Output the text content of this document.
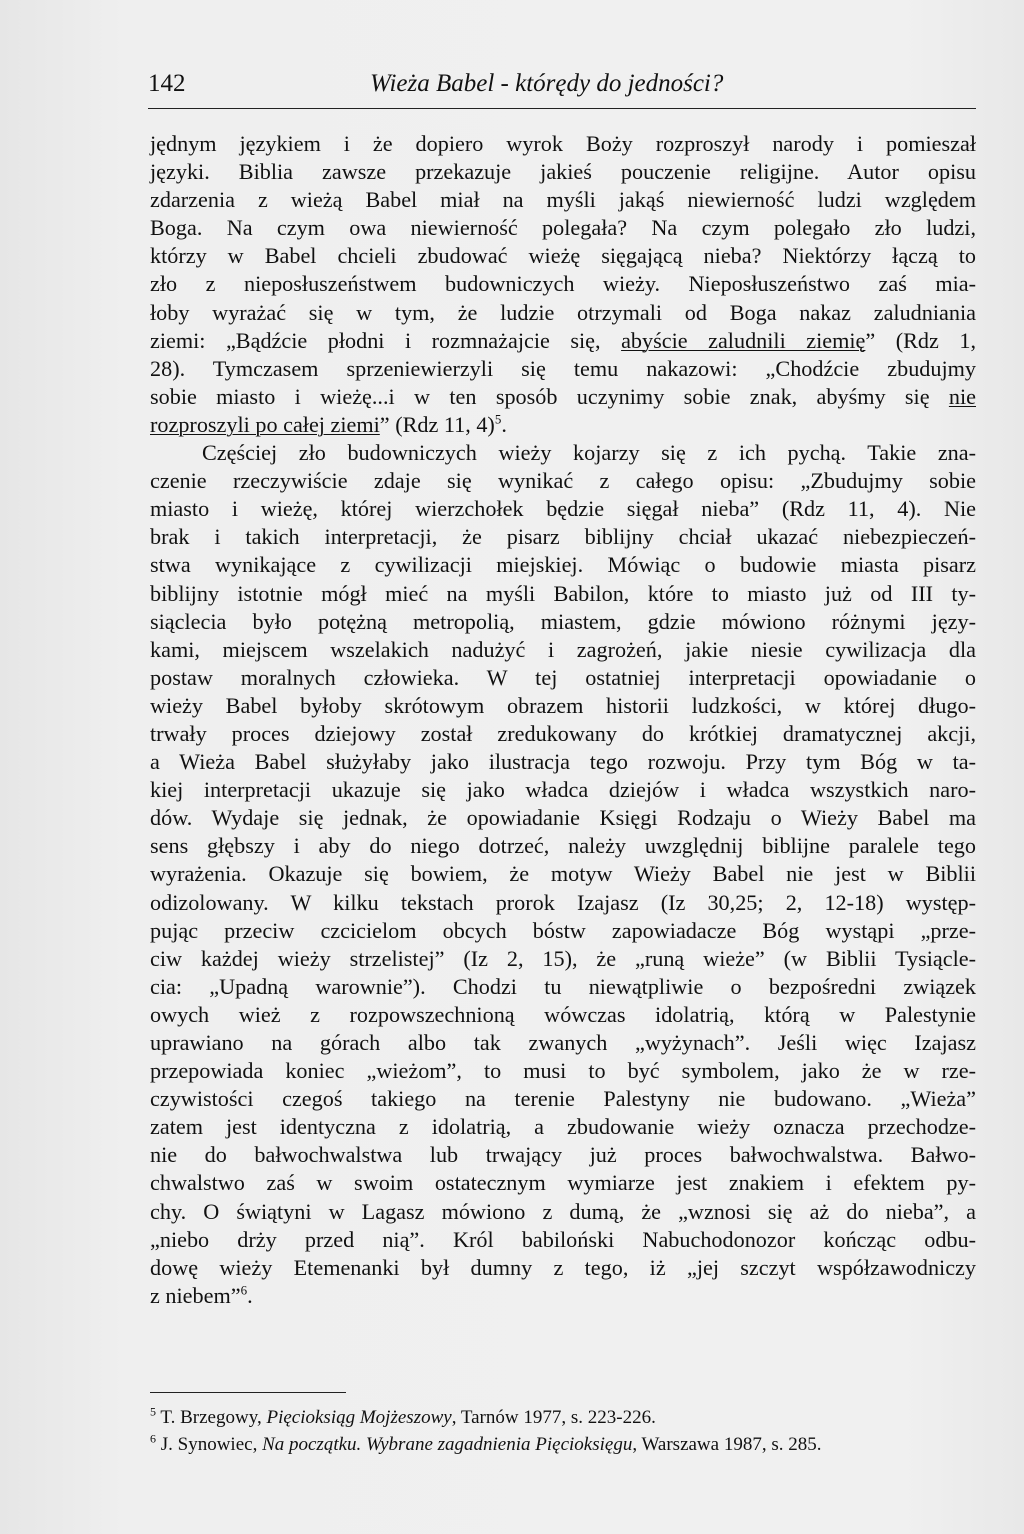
142	Wieża Babel - którędy do jedności?
jędnym językiem i że dopiero wyrok Boży rozproszył narody i pomieszał
języki. Biblia zawsze przekazuje jakieś pouczenie religijne. Autor opisu
zdarzenia z wieżą Babel miał na myśli jakąś niewierność ludzi względem
Boga. Na czym owa niewierność polegała? Na czym polegało zło ludzi,
którzy w Babel chcieli zbudować wieżę sięgającą nieba? Niektórzy łączą to
zło z nieposłuszeństwem budowniczych wieży. Nieposłuszeństwo zaś mia-
łoby wyrażać się w tym, że ludzie otrzymali od Boga nakaz zaludniania
ziemi: „Bądźcie płodni i rozmnażajcie się, abyście zaludnili ziemię” (Rdz 1,
28). Tymczasem sprzeniewierzyli się temu nakazowi: „Chodźcie zbudujmy
sobie miasto i wieżę...i w ten sposób uczynimy sobie znak, abyśmy się nie
rozproszyli po całej ziemi” (Rdz 11, 4)$^5$.
Częściej zło budowniczych wieży kojarzy się z ich pychą. Takie zna-
czenie rzeczywiście zdaje się wynikać z całego opisu: „Zbudujmy sobie
miasto i wieżę, której wierzchołek będzie sięgał nieba” (Rdz 11, 4). Nie
brak i takich interpretacji, że pisarz biblijny chciał ukazać niebezpieczeń-
stwa wynikające z cywilizacji miejskiej. Mówiąc o budowie miasta pisarz
biblijny istotnie mógł mieć na myśli Babilon, które to miasto już od III ty-
siąclecia było potężną metropolią, miastem, gdzie mówiono różnymi języ-
kami, miejscem wszelakich nadużyć i zagrożeń, jakie niesie cywilizacja dla
postaw moralnych człowieka. W tej ostatniej interpretacji opowiadanie o
wieży Babel byłoby skrótowym obrazem historii ludzkości, w której długo-
trwały proces dziejowy został zredukowany do krótkiej dramatycznej akcji,
a Wieża Babel służyłaby jako ilustracja tego rozwoju. Przy tym Bóg w ta-
kiej interpretacji ukazuje się jako władca dziejów i władca wszystkich naro-
dów. Wydaje się jednak, że opowiadanie Księgi Rodzaju o Wieży Babel ma
sens głębszy i aby do niego dotrzeć, należy uwzględnij biblijne paralele tego
wyrażenia. Okazuje się bowiem, że motyw Wieży Babel nie jest w Biblii
odizolowany. W kilku tekstach prorok Izajasz (Iz 30,25; 2, 12-18) występ-
pując przeciw czcicielom obcych bóstw zapowiadacze Bóg wystąpi „prze-
ciw każdej wieży strzelistej” (Iz 2, 15), że „runą wieże” (w Biblii Tysiącle-
cia: „Upadną warownie”). Chodzi tu niewątpliwie o bezpośredni związek
owych wież z rozpowszechnioną wówczas idolatrią, którą w Palestynie
uprawiano na górach albo tak zwanych „wyżynach”. Jeśli więc Izajasz
przepowiada koniec „wieżom”, to musi to być symbolem, jako że w rze-
czywistości czegoś takiego na terenie Palestyny nie budowano. „Wieża”
zatem jest identyczna z idolatrią, a zbudowanie wieży oznacza przechodze-
nie do bałwochwalstwa lub trwający już proces bałwochwalstwa. Bałwo-
chwalstwo zaś w swoim ostatecznym wymiarze jest znakiem i efektem py-
chy. O świątyni w Lagasz mówiono z dumą, że „wznosi się aż do nieba”, a
„niebo drży przed nią”. Król babiloński Nabuchodonozor kończąc odbu-
dowę wieży Etemenanki był dumny z tego, iż „jej szczyt współzawodniczy
z niebem”$^6$.
$^5$ T. Brzegowy, Pięcioksiąg Mojżeszowy, Tarnów 1977, s. 223-226.
$^6$ J. Synowiec, Na początku. Wybrane zagadnienia Pięcioksięgu, Warszawa 1987, s. 285.
